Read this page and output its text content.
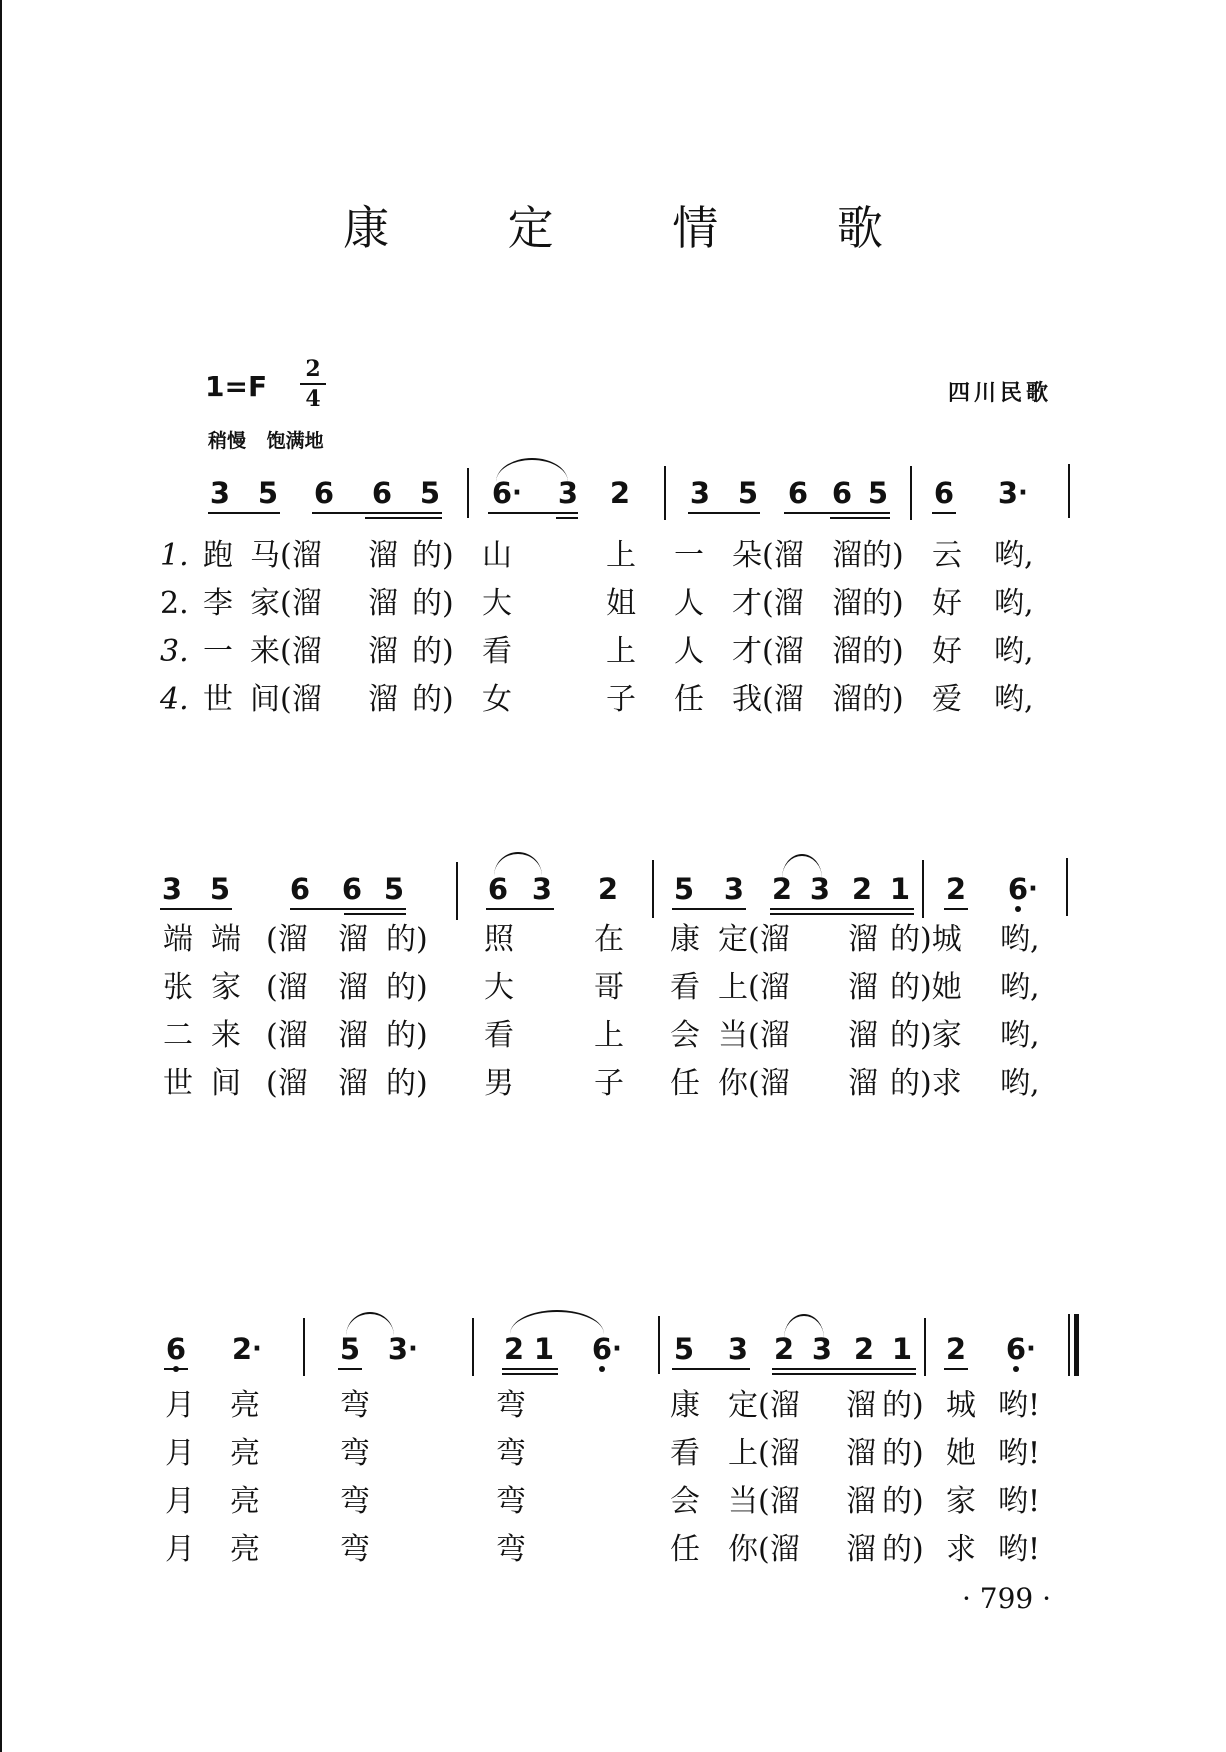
康 定 情 歌
1=F
2
4
稍慢 饱满地
四川民歌
3 5 6 6 5 6 · 3 2 3 5 6 6 5 6 3 ·
1. 跑 马(溜 溜 的) 山	上 一 朵(溜 溜的) 云 哟,
2. 李 家(溜 溜 的) 大	姐 人 才(溜 溜的) 好 哟,
3. 一 来(溜 溜 的) 看	上 人 才(溜 溜的) 好 哟,
4. 世 间(溜 溜 的) 女	子 任 我(溜 溜的) 爱 哟,
3 5 6 6 5	6 3 2 5 3 2 3 2 1 2 6 ·
端 端 (溜 溜 的) 照	在 康 定(溜 溜 的)城 哟,
张 家 (溜 溜 的) 大	哥 看 上(溜 溜 的)她 哟,
二 来 (溜 溜 的) 看	上 会 当(溜 溜 的)家 哟,
世 间 (溜 溜 的) 男	子 任 你(溜 溜 的)求 哟,
6 2 ·	5 3 ·	2 1 6 · 5 3 2 3 2 1 2 6 ·
月 亮	弯	弯	康 定(溜 溜 的) 城 哟!
月 亮	弯	弯	看 上(溜 溜 的) 她 哟!
月 亮	弯	弯	会 当(溜 溜 的) 家 哟!
月 亮	弯	弯	任 你(溜 溜 的) 求 哟!
· 799 ·
